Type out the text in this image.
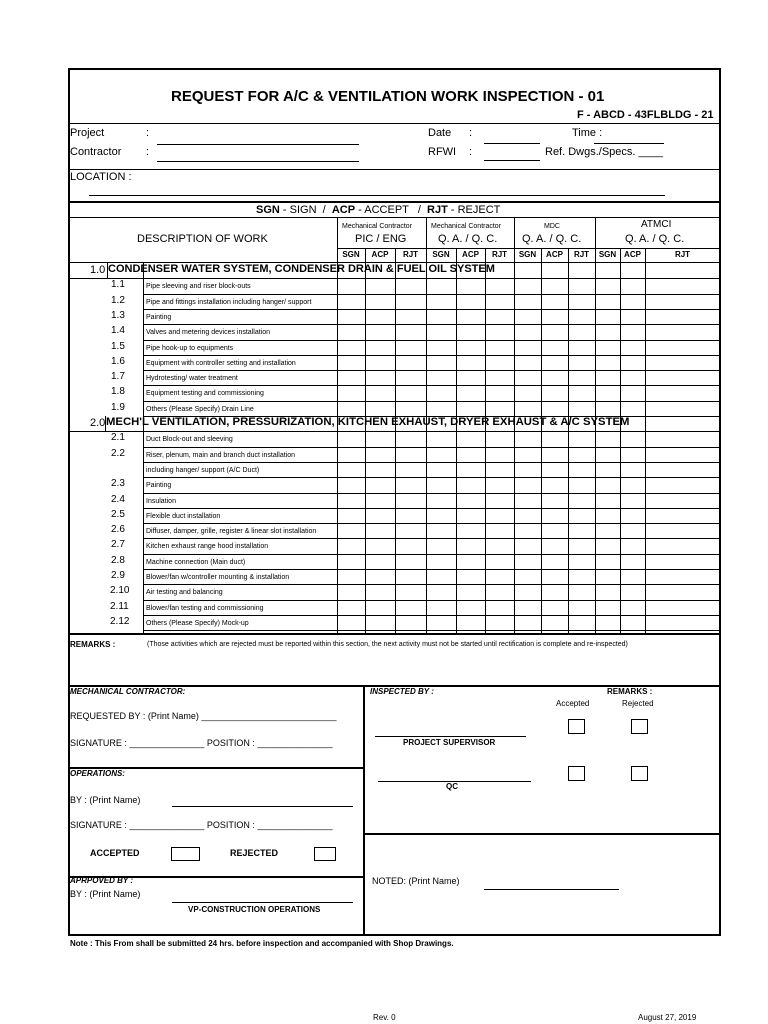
REQUEST FOR A/C & VENTILATION WORK INSPECTION - 01
F - ABCD - 43FLBLDG - 21
Project	:
Contractor :
Date :
RFWI :
Time :
Ref. Dwgs./Specs. ____
LOCATION :
SGN - SIGN / ACP - ACCEPT / RJT - REJECT
DESCRIPTION OF WORK
Mechanical Contractor
PIC / ENG
Mechanical Contractor
Q. A. / Q. C.
MDC
Q. A. / Q. C.
ATMCI
Q. A. / Q. C.
SGN	ACP	RJT	SGN	ACP	RJT	SGN	ACP	RJT	SGN ACP	RJT
1.0 CONDENSER WATER SYSTEM, CONDENSER DRAIN & FUEL OIL SYSTEM
1.1	Pipe sleeving and riser block-outs
1.2	Pipe and fittings installation including hanger/ support
1.3	Painting
1.4	Valves and metering devices installation
1.5	Pipe hook-up to equipments
1.6	Equipment with controller setting and installation
1.7	Hydrotesting/ water treatment
1.8	Equipment testing and commissioning
1.9	Others (Please Specify) Drain Line
2.0 MECH'L VENTILATION, PRESSURIZATION, KITCHEN EXHAUST, DRYER EXHAUST & A/C SYSTEM
2.1	Duct Block-out and sleeving
2.2	Riser, plenum, main and branch duct installation
including hanger/ support (A/C Duct)
2.3	Painting
2.4	Insulation
2.5	Flexible duct installation
2.6	Diffuser, damper, grille, register & linear slot installation
2.7	Kitchen exhaust range hood installation
2.8	Machine connection (Main duct)
2.9	Blower/fan w/controller mounting & installation
2.10 Air testing and balancing
2.11 Blower/fan testing and commissioning
2.12 Others (Please Specify) Mock-up
REMARKS :	(Those activities which are rejected must be reported within this section, the next activity must not be started until rectification is complete and re-inspected)
MECHANICAL CONTRACTOR:
REQUESTED BY : (Print Name) ___________________________
SIGNATURE : _______________ POSITION : _______________
OPERATIONS:
BY : (Print Name)
SIGNATURE : _______________ POSITION : _______________
ACCEPTED	REJECTED
APRPOVED BY :
BY : (Print Name)
VP-CONSTRUCTION OPERATIONS
INSPECTED BY :	REMARKS :
Accepted	Rejected
PROJECT SUPERVISOR
QC
NOTED: (Print Name)
Note : This From shall be submitted 24 hrs. before inspection and accompanied with Shop Drawings.
Rev. 0	August 27, 2019
